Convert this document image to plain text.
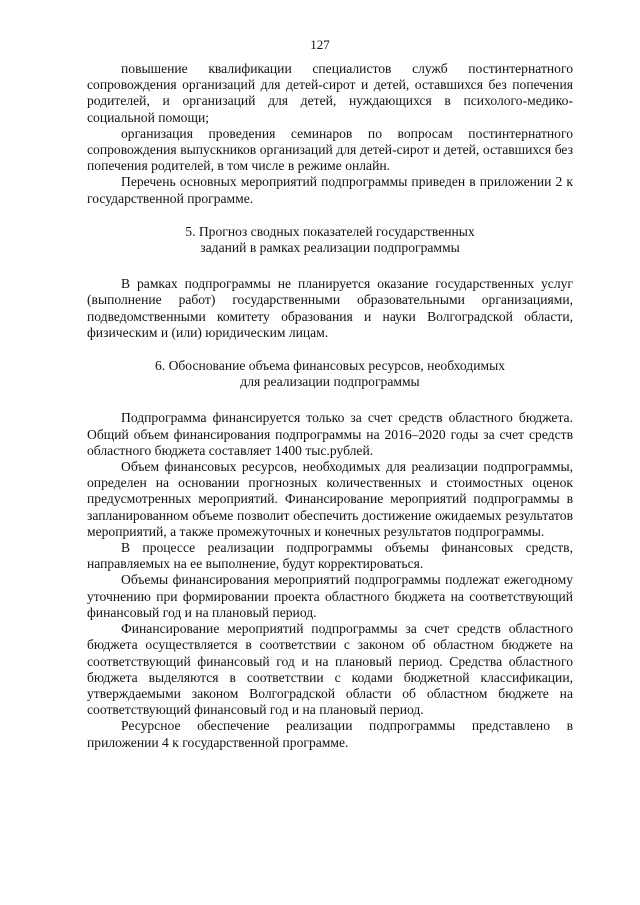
127

повышение квалификации специалистов служб постинтернатного сопровождения организаций для детей-сирот и детей, оставшихся без попечения родителей, и организаций для детей, нуждающихся в психолого-медико-социальной помощи;

организация проведения семинаров по вопросам постинтернатного сопровождения выпускников организаций для детей-сирот и детей, оставшихся без попечения родителей, в том числе в режиме онлайн.

Перечень основных мероприятий подпрограммы приведен в приложении 2 к государственной программе.

5. Прогноз сводных показателей государственных

заданий в рамках реализации подпрограммы

В рамках подпрограммы не планируется оказание государственных услуг (выполнение работ) государственными образовательными организациями, подведомственными комитету образования и науки Волгоградской области, физическим и (или) юридическим лицам.

6. Обоснование объема финансовых ресурсов, необходимых

для реализации подпрограммы

Подпрограмма финансируется только за счет средств областного бюджета. Общий объем финансирования подпрограммы на 2016–2020 годы за счет средств областного бюджета составляет 1400 тыс.рублей.

Объем финансовых ресурсов, необходимых для реализации подпрограммы, определен на основании прогнозных количественных и стоимостных оценок предусмотренных мероприятий. Финансирование мероприятий подпрограммы в запланированном объеме позволит обеспечить достижение ожидаемых результатов мероприятий, а также промежуточных и конечных результатов подпрограммы.

В процессе реализации подпрограммы объемы финансовых средств, направляемых на ее выполнение, будут корректироваться.

Объемы финансирования мероприятий подпрограммы подлежат ежегодному уточнению при формировании проекта областного бюджета на соответствующий финансовый год и на плановый период.

Финансирование мероприятий подпрограммы за счет средств областного бюджета осуществляется в соответствии с законом об областном бюджете на соответствующий финансовый год и на плановый период. Средства областного бюджета выделяются в соответствии с кодами бюджетной классификации, утверждаемыми законом Волгоградской области об областном бюджете на соответствующий финансовый год и на плановый период.

Ресурсное обеспечение реализации подпрограммы представлено в приложении 4 к государственной программе.
